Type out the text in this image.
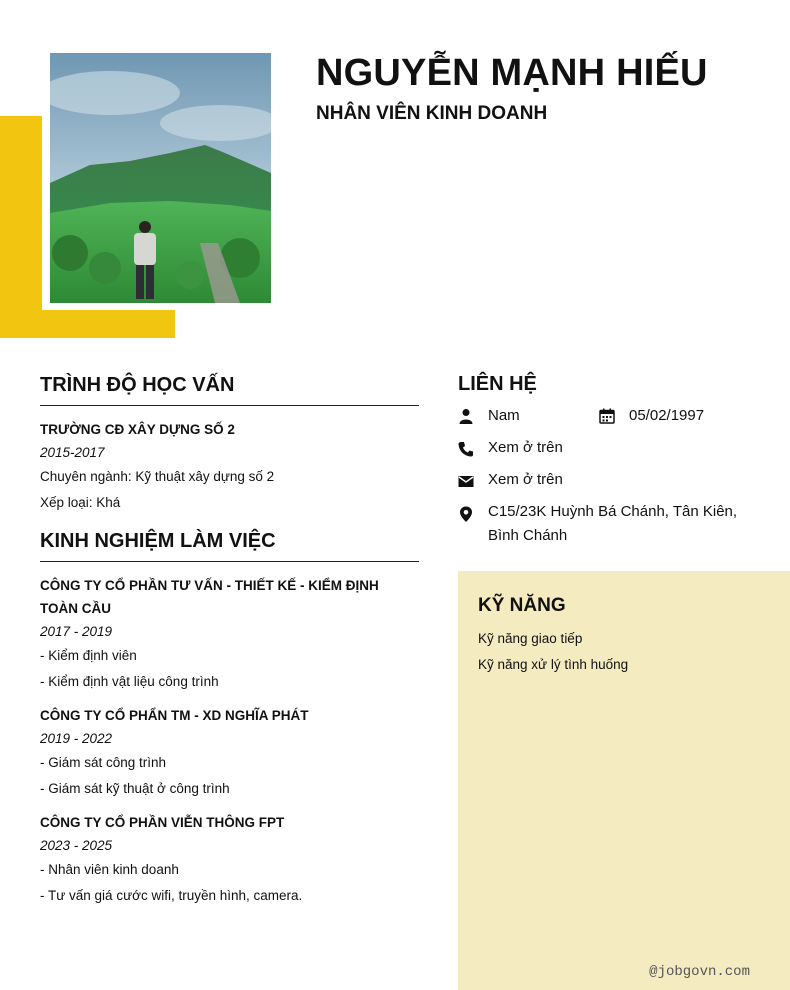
NGUYỄN MẠNH HIẾU
NHÂN VIÊN KINH DOANH
TRÌNH ĐỘ HỌC VẤN
TRƯỜNG CĐ XÂY DỰNG SỐ 2
2015-2017
Chuyên ngành: Kỹ thuật xây dựng số 2
Xếp loại: Khá
KINH NGHIỆM LÀM VIỆC
CÔNG TY CỔ PHẦN TƯ VẤN - THIẾT KẾ - KIỂM ĐỊNH TOÀN CẦU
2017 - 2019
- Kiểm định viên
- Kiểm định vật liệu công trình
CÔNG TY CỔ PHẨN TM - XD NGHĨA PHÁT
2019 - 2022
- Giám sát công trình
- Giám sát kỹ thuật ở công trình
CÔNG TY CỔ PHẦN VIỄN THÔNG FPT
2023 - 2025
- Nhân viên kinh doanh
- Tư vấn giá cước wifi, truyền hình, camera.
LIÊN HỆ
Nam	05/02/1997
Xem ở trên
Xem ở trên
C15/23K Huỳnh Bá Chánh, Tân Kiên, Bình Chánh
KỸ NĂNG
Kỹ năng giao tiếp
Kỹ năng xử lý tình huống
@jobgovn.com
